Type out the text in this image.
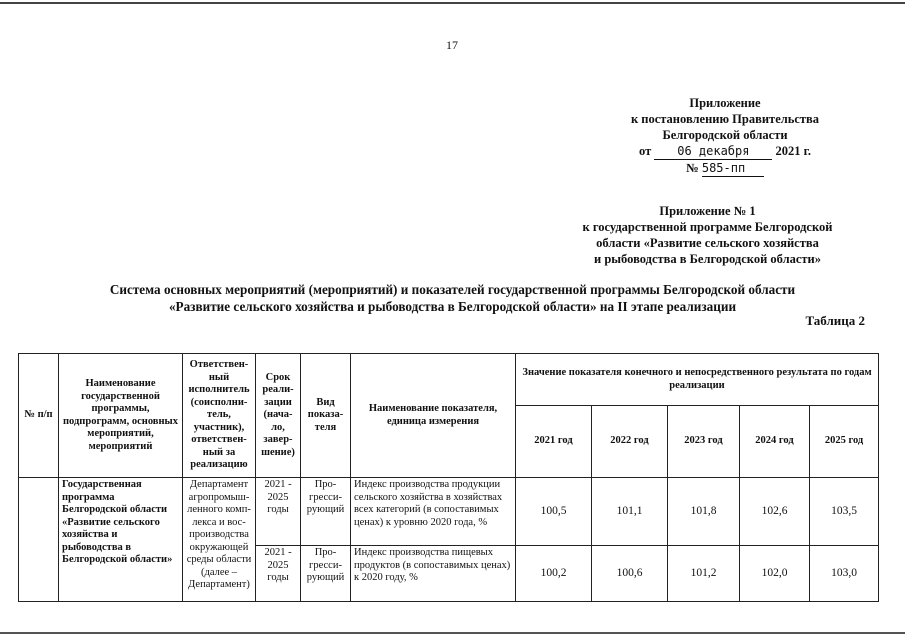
17
Приложение
к постановлению Правительства
Белгородской области
от 06 декабря 2021 г.
№ 585-пп
Приложение № 1
к государственной программе Белгородской
области «Развитие сельского хозяйства
и рыбоводства в Белгородской области»
Система основных мероприятий (мероприятий) и показателей государственной программы Белгородской области
«Развитие сельского хозяйства и рыбоводства в Белгородской области» на II этапе реализации
Таблица 2
№ п/п	Наименование государственной программы, подпрограмм, основных мероприятий, мероприятий	Ответствен-ный исполнитель (соисполни-тель, участник), ответствен-ный за реализацию	Срок реали-зации (нача-ло, завер-шение)	Вид показа-теля	Наименование показателя, единица измерения	Значение показателя конечного и непосредственного результата по годам реализации				
						2021 год	2022 год	2023 год	2024 год	2025 год
	Государственная программа Белгородской области «Развитие сельского хозяйства и рыбоводства в Белгородской области»	Департамент агропромыш-ленного комп-лекса и вос-производства окружающей среды области (далее – Департамент)	2021 - 2025 годы	Про-гресси-рующий	Индекс производства продукции сельского хозяйства в хозяйствах всех категорий (в сопоставимых ценах) к уровню 2020 года, %	100,5	101,1	101,8	102,6	103,5
			2021 - 2025 годы	Про-гресси-рующий	Индекс производства пищевых продуктов (в сопоставимых ценах) к 2020 году, %	100,2	100,6	101,2	102,0	103,0
